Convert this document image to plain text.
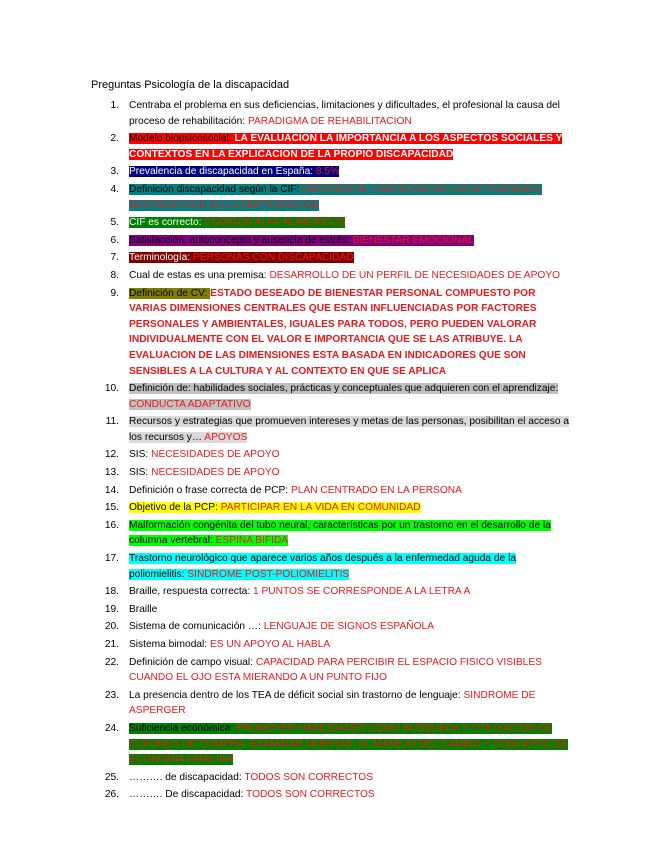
Preguntas Psicología de la discapacidad
1. Centraba el problema en sus deficiencias, limitaciones y dificultades, el profesional la causa del proceso de rehabilitación: PARADIGMA DE REHABILITACION
2. Modelo biopsicosocial: LA EVALUACION LA IMPORTANCIA A LOS ASPECTOS SOCIALES Y CONTEXTOS EN LA EXPLICACION DE LA PROPIO DISCAPACIDAD
3. Prevalencia de discapacidad en España: 8.5%
4. Definición discapacidad según la CIF: DEFICIENCIA, LIMITACION EN LAS ACTIVIDADES, RESTRINCCION EN LA PARTICIPACION
5. CIF es correcto: CODIGOS ALFA-NUMERICOS
6. Satisfacción, autoconcepto y ausencia de estrés: BIENESTAR EMOCIONAL
7. Terminología: PERSONAS CON DISCAPACIDAD
8. Cual de estas es una premisa: DESARROLLO DE UN PERFIL DE NECESIDADES DE APOYO
9. Definición de CV: ESTADO DESEADO DE BIENESTAR PERSONAL COMPUESTO POR VARIAS DIMENSIONES CENTRALES QUE ESTAN INFLUENCIADAS POR FACTORES PERSONALES Y AMBIENTALES, IGUALES PARA TODOS, PERO PUEDEN VALORAR INDIVIDUALMENTE CON EL VALOR E IMPORTANCIA QUE SE LAS ATRIBUYE. LA EVALUACION DE LAS DIMENSIONES ESTA BASADA EN INDICADORES QUE SON SENSIBLES A LA CULTURA Y AL CONTEXTO EN QUE SE APLICA
10. Definición de: habilidades sociales, prácticas y conceptuales que adquieren con el aprendizaje: CONDUCTA ADAPTATIVO
11. Recursos y estrategias que promueven intereses y metas de las personas, posibilitan el acceso a los recursos y… APOYOS
12. SIS: NECESIDADES DE APOYO
13. SIS: NECESIDADES DE APOYO
14. Definición o frase correcta de PCP: PLAN CENTRADO EN LA PERSONA
15. Objetivo de la PCP: PARTICIPAR EN LA VIDA EN COMUNIDAD
16. Malformación congénita del tubo neural, características por un trastorno en el desarrollo de la columna vertebral: ESPINA BIFIDA
17. Trastorno neurológico que aparece varios años después a la enfermedad aguda de la poliomielitis: SINDROME POST-POLIOMIELITIS
18. Braille, respuesta correcta: 1 PUNTOS SE CORRESPONDE A LA LETRA A
19. Braille
20. Sistema de comunicación …: LENGUAJE DE SIGNOS ESPAÑOLA
21. Sistema bimodal: ES UN APOYO AL HABLA
22. Definición de campo visual: CAPACIDAD PARA PERCIBIR EL ESPACIO FISICO VISIBLES CUANDO EL OJO ESTA MIERANDO A UN PUNTO FIJO
23. La presencia dentro de los TEA de déficit social sin trastorno de lenguaje: SINDROME DE ASPERGER
24. Suficiencia económica: PROMOVER HABILIDADES COMO BUSQUEDA Y UTILIZACION DE CUPONES DE COMPRA, EXAMINAR OFERTAS, EL MANEJO DEL CAMBIO Y CONCEPTO DE ECONOMIA FAMILIAR
25. ………. de discapacidad: TODOS SON CORRECTOS
26. ………. De discapacidad: TODOS SON CORRECTOS
